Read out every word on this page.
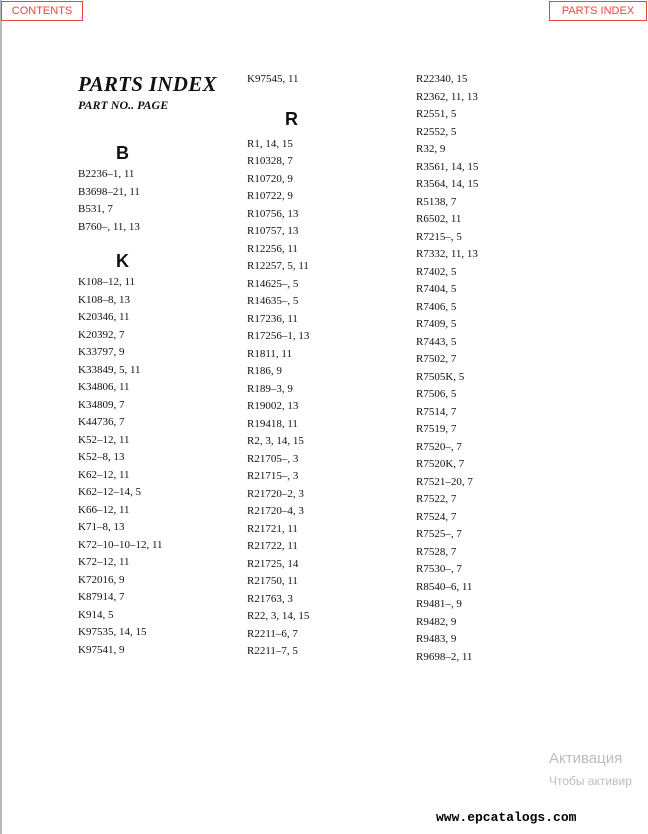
CONTENTS	PARTS INDEX
PARTS INDEX
PART NO.. PAGE
B
B2236–1, 11
B3698–21, 11
B531, 7
B760–, 11, 13
K
K108–12, 11
K108–8, 13
K20346, 11
K20392, 7
K33797, 9
K33849, 5, 11
K34806, 11
K34809, 7
K44736, 7
K52–12, 11
K52–8, 13
K62–12, 11
K62–12–14, 5
K66–12, 11
K71–8, 13
K72–10–10–12, 11
K72–12, 11
K72016, 9
K87914, 7
K914, 5
K97535, 14, 15
K97541, 9
K97545, 11
R
R1, 14, 15
R10328, 7
R10720, 9
R10722, 9
R10756, 13
R10757, 13
R12256, 11
R12257, 5, 11
R14625–, 5
R14635–, 5
R17236, 11
R17256–1, 13
R1811, 11
R186, 9
R189–3, 9
R19002, 13
R19418, 11
R2, 3, 14, 15
R21705–, 3
R21715–, 3
R21720–2, 3
R21720–4, 3
R21721, 11
R21722, 11
R21725, 14
R21750, 11
R21763, 3
R22, 3, 14, 15
R2211–6, 7
R2211–7, 5
R22340, 15
R2362, 11, 13
R2551, 5
R2552, 5
R32, 9
R3561, 14, 15
R3564, 14, 15
R5138, 7
R6502, 11
R7215–, 5
R7332, 11, 13
R7402, 5
R7404, 5
R7406, 5
R7409, 5
R7443, 5
R7502, 7
R7505K, 5
R7506, 5
R7514, 7
R7519, 7
R7520–, 7
R7520K, 7
R7521–20, 7
R7522, 7
R7524, 7
R7525–, 7
R7528, 7
R7530–, 7
R8540–6, 11
R9481–, 9
R9482, 9
R9483, 9
R9698–2, 11
Активация
Чтобы активир
www.epcatalogs.com
